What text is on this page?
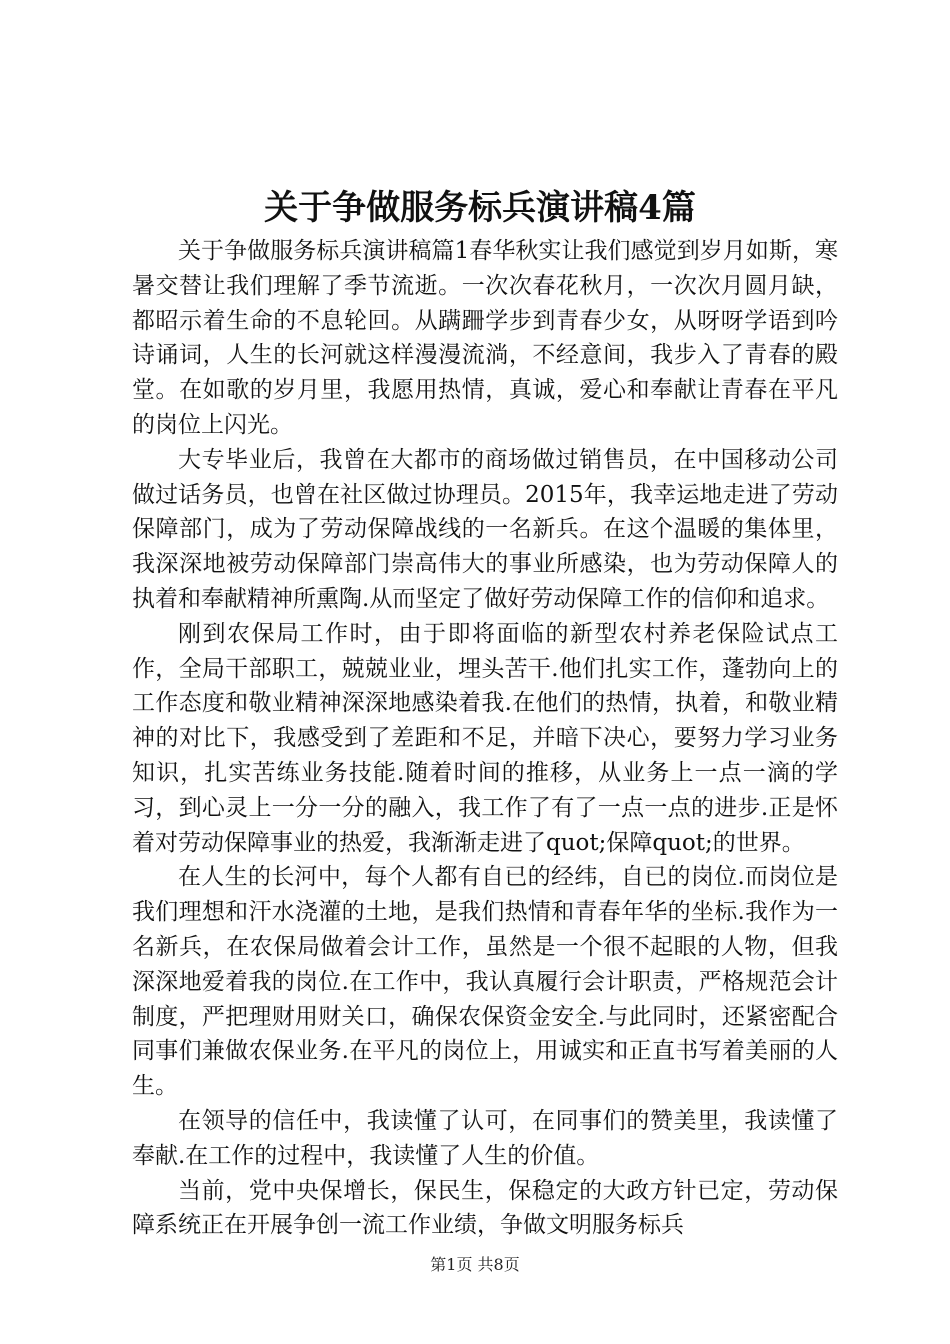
关于争做服务标兵演讲稿4篇

关于争做服务标兵演讲稿篇1春华秋实让我们感觉到岁月如斯，寒暑交替让我们理解了季节流逝。一次次春花秋月，一次次月圆月缺，都昭示着生命的不息轮回。从蹒跚学步到青春少女，从呀呀学语到吟诗诵词，人生的长河就这样漫漫流淌，不经意间，我步入了青春的殿堂。在如歌的岁月里，我愿用热情，真诚，爱心和奉献让青春在平凡的岗位上闪光。

大专毕业后，我曾在大都市的商场做过销售员，在中国移动公司做过话务员，也曾在社区做过协理员。2015年，我幸运地走进了劳动保障部门，成为了劳动保障战线的一名新兵。在这个温暖的集体里，我深深地被劳动保障部门崇高伟大的事业所感染，也为劳动保障人的执着和奉献精神所熏陶.从而坚定了做好劳动保障工作的信仰和追求。

刚到农保局工作时，由于即将面临的新型农村养老保险试点工作，全局干部职工，兢兢业业，埋头苦干.他们扎实工作，蓬勃向上的工作态度和敬业精神深深地感染着我.在他们的热情，执着，和敬业精神的对比下，我感受到了差距和不足，并暗下决心，要努力学习业务知识，扎实苦练业务技能.随着时间的推移，从业务上一点一滴的学习，到心灵上一分一分的融入，我工作了有了一点一点的进步.正是怀着对劳动保障事业的热爱，我渐渐走进了quot;保障quot;的世界。

在人生的长河中，每个人都有自已的经纬，自已的岗位.而岗位是我们理想和汗水浇灌的土地，是我们热情和青春年华的坐标.我作为一名新兵，在农保局做着会计工作，虽然是一个很不起眼的人物，但我深深地爱着我的岗位.在工作中，我认真履行会计职责，严格规范会计制度，严把理财用财关口，确保农保资金安全.与此同时，还紧密配合同事们兼做农保业务.在平凡的岗位上，用诚实和正直书写着美丽的人生。

在领导的信任中，我读懂了认可，在同事们的赞美里，我读懂了奉献.在工作的过程中，我读懂了人生的价值。

当前，党中央保增长，保民生，保稳定的大政方针已定，劳动保障系统正在开展争创一流工作业绩，争做文明服务标兵

第1页 共8页
